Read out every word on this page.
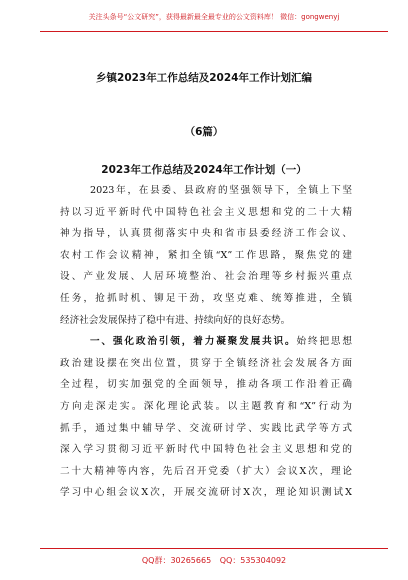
关注头条号“公文研究”，获得最新最全最专业的公文资料库！ 微信：gongwenyj
乡镇2023年工作总结及2024年工作计划汇编
（6篇）
2023年工作总结及2024年工作计划（一）
2023年，在县委、县政府的坚强领导下，全镇上下坚
持以习近平新时代中国特色社会主义思想和党的二十大精
神为指导，认真贯彻落实中央和省市县委经济工作会议、
农村工作会议精神，紧扣全镇“X”工作思路，聚焦党的建
设、产业发展、人居环境整治、社会治理等乡村振兴重点
任务，抢抓时机、铆足干劲，攻坚克难、统筹推进，全镇
经济社会发展保持了稳中有进、持续向好的良好态势。
一、强化政治引领，着力凝聚发展共识。始终把思想
政治建设摆在突出位置，贯穿于全镇经济社会发展各方面
全过程，切实加强党的全面领导，推动各项工作沿着正确
方向走深走实。深化理论武装。以主题教育和“X”行动为
抓手，通过集中辅导学、交流研讨学、实践比武学等方式
深入学习贯彻习近平新时代中国特色社会主义思想和党的
二十大精神等内容，先后召开党委（扩大）会议X次，理论
学习中心组会议X次，开展交流研讨X次，理论知识测试X
QQ群：30265665 QQ：535304092
